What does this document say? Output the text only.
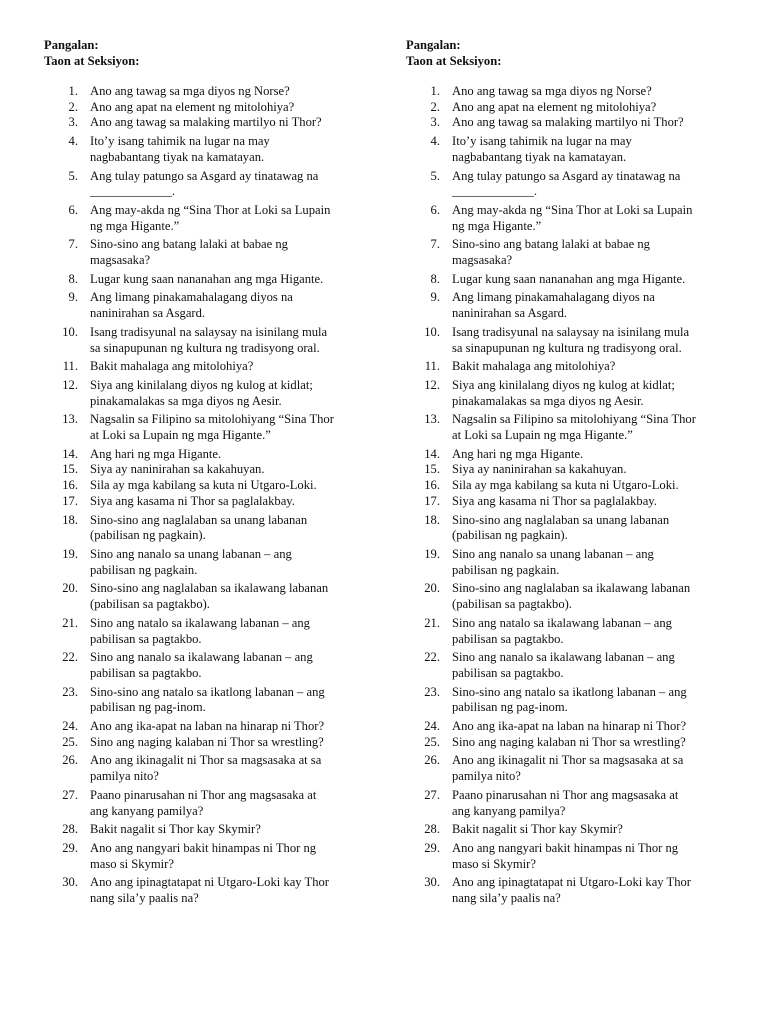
Pangalan:
Taon at Seksiyon:
1. Ano ang tawag sa mga diyos ng Norse?
2. Ano ang apat na element ng mitolohiya?
3. Ano ang tawag sa malaking martilyo ni Thor?
4. Ito’y isang tahimik na lugar na may
nagbabantang tiyak na kamatayan.
5. Ang tulay patungo sa Asgard ay tinatawag na
_____________.
6. Ang may-akda ng “Sina Thor at Loki sa Lupain
ng mga Higante.”
7. Sino-sino ang batang lalaki at babae ng
magsasaka?
8. Lugar kung saan nananahan ang mga Higante.
9. Ang limang pinakamahalagang diyos na
naninirahan sa Asgard.
10. Isang tradisyunal na salaysay na isinilang mula
sa sinapupunan ng kultura ng tradisyong oral.
11. Bakit mahalaga ang mitolohiya?
12. Siya ang kinilalang diyos ng kulog at kidlat;
pinakamalakas sa mga diyos ng Aesir.
13. Nagsalin sa Filipino sa mitolohiyang “Sina Thor
at Loki sa Lupain ng mga Higante.”
14. Ang hari ng mga Higante.
15. Siya ay naninirahan sa kakahuyan.
16. Sila ay mga kabilang sa kuta ni Utgaro-Loki.
17. Siya ang kasama ni Thor sa paglalakbay.
18. Sino-sino ang naglalaban sa unang labanan
(pabilisan ng pagkain).
19. Sino ang nanalo sa unang labanan – ang
pabilisan ng pagkain.
20. Sino-sino ang naglalaban sa ikalawang labanan
(pabilisan sa pagtakbo).
21. Sino ang natalo sa ikalawang labanan – ang
pabilisan sa pagtakbo.
22. Sino ang nanalo sa ikalawang labanan – ang
pabilisan sa pagtakbo.
23. Sino-sino ang natalo sa ikatlong labanan – ang
pabilisan ng pag-inom.
24. Ano ang ika-apat na laban na hinarap ni Thor?
25. Sino ang naging kalaban ni Thor sa wrestling?
26. Ano ang ikinagalit ni Thor sa magsasaka at sa
pamilya nito?
27. Paano pinarusahan ni Thor ang magsasaka at
ang kanyang pamilya?
28. Bakit nagalit si Thor kay Skymir?
29. Ano ang nangyari bakit hinampas ni Thor ng
maso si Skymir?
30. Ano ang ipinagtatapat ni Utgaro-Loki kay Thor
nang sila’y paalis na?
Pangalan:
Taon at Seksiyon:
1. Ano ang tawag sa mga diyos ng Norse?
2. Ano ang apat na element ng mitolohiya?
3. Ano ang tawag sa malaking martilyo ni Thor?
4. Ito’y isang tahimik na lugar na may
nagbabantang tiyak na kamatayan.
5. Ang tulay patungo sa Asgard ay tinatawag na
_____________.
6. Ang may-akda ng “Sina Thor at Loki sa Lupain
ng mga Higante.”
7. Sino-sino ang batang lalaki at babae ng
magsasaka?
8. Lugar kung saan nananahan ang mga Higante.
9. Ang limang pinakamahalagang diyos na
naninirahan sa Asgard.
10. Isang tradisyunal na salaysay na isinilang mula
sa sinapupunan ng kultura ng tradisyong oral.
11. Bakit mahalaga ang mitolohiya?
12. Siya ang kinilalang diyos ng kulog at kidlat;
pinakamalakas sa mga diyos ng Aesir.
13. Nagsalin sa Filipino sa mitolohiyang “Sina Thor
at Loki sa Lupain ng mga Higante.”
14. Ang hari ng mga Higante.
15. Siya ay naninirahan sa kakahuyan.
16. Sila ay mga kabilang sa kuta ni Utgaro-Loki.
17. Siya ang kasama ni Thor sa paglalakbay.
18. Sino-sino ang naglalaban sa unang labanan
(pabilisan ng pagkain).
19. Sino ang nanalo sa unang labanan – ang
pabilisan ng pagkain.
20. Sino-sino ang naglalaban sa ikalawang labanan
(pabilisan sa pagtakbo).
21. Sino ang natalo sa ikalawang labanan – ang
pabilisan sa pagtakbo.
22. Sino ang nanalo sa ikalawang labanan – ang
pabilisan sa pagtakbo.
23. Sino-sino ang natalo sa ikatlong labanan – ang
pabilisan ng pag-inom.
24. Ano ang ika-apat na laban na hinarap ni Thor?
25. Sino ang naging kalaban ni Thor sa wrestling?
26. Ano ang ikinagalit ni Thor sa magsasaka at sa
pamilya nito?
27. Paano pinarusahan ni Thor ang magsasaka at
ang kanyang pamilya?
28. Bakit nagalit si Thor kay Skymir?
29. Ano ang nangyari bakit hinampas ni Thor ng
maso si Skymir?
30. Ano ang ipinagtatapat ni Utgaro-Loki kay Thor
nang sila’y paalis na?
